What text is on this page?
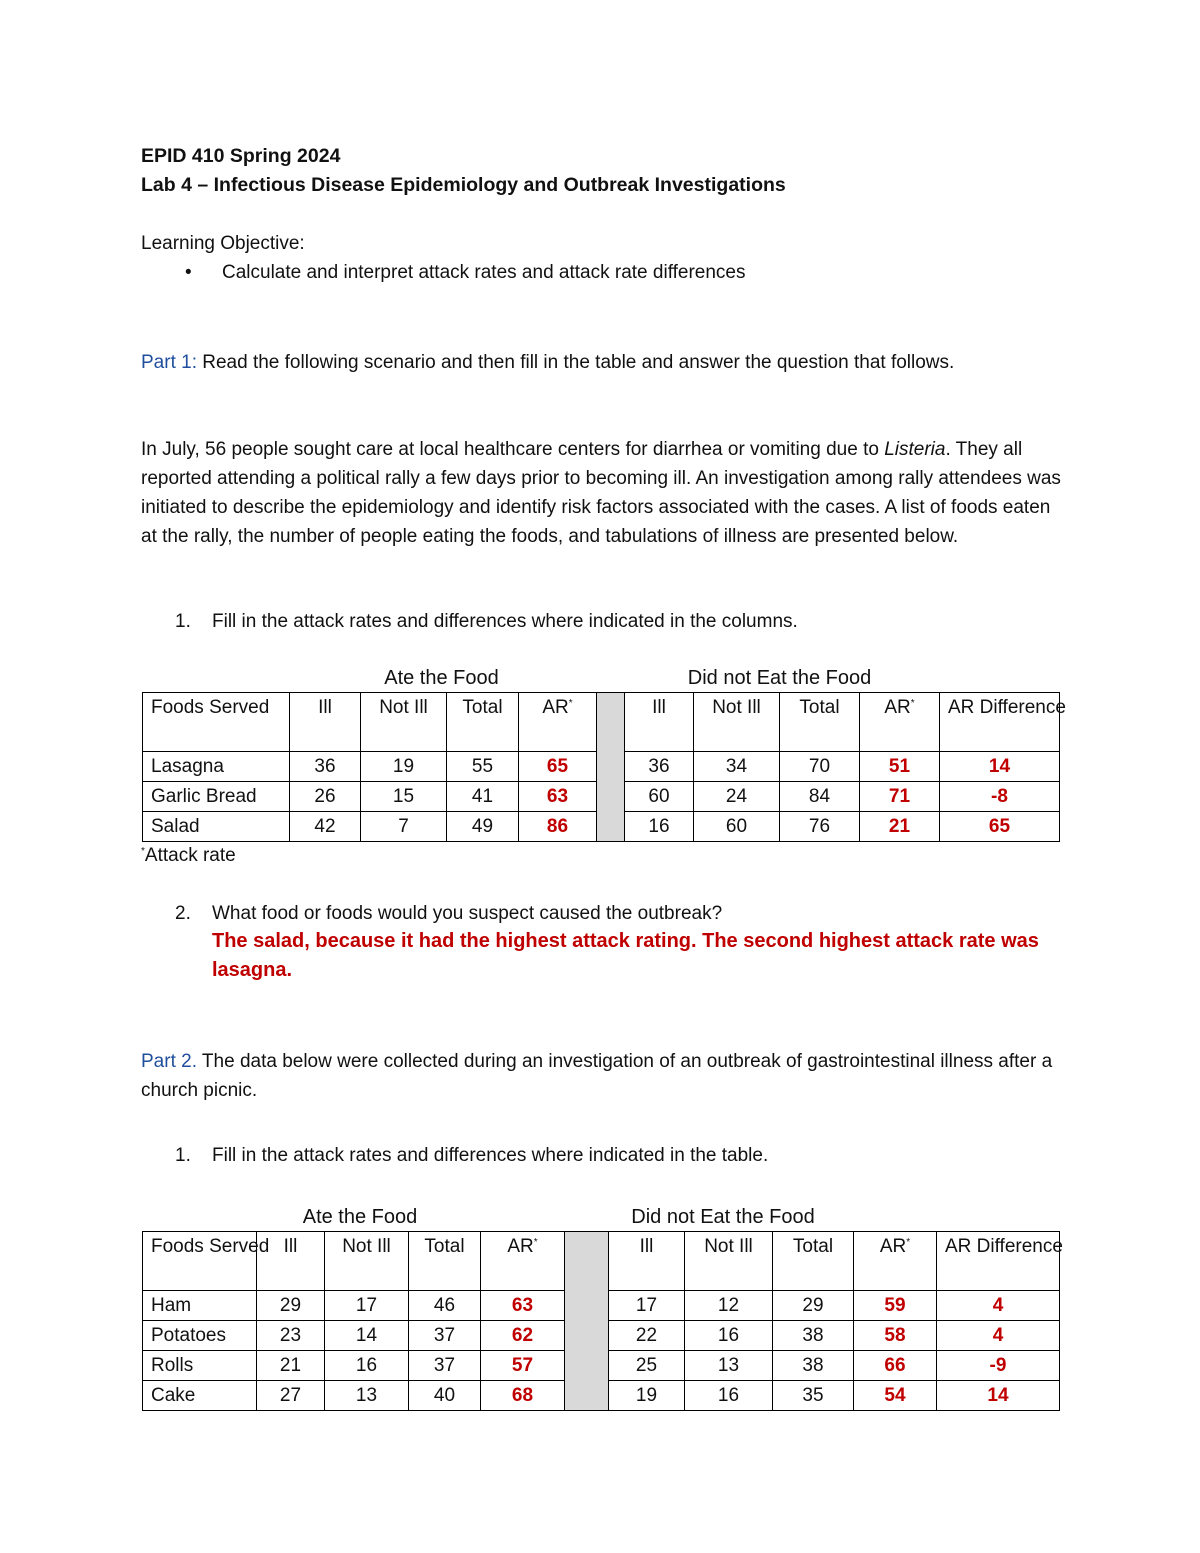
EPID 410 Spring 2024
Lab 4 – Infectious Disease Epidemiology and Outbreak Investigations
Learning Objective:
• Calculate and interpret attack rates and attack rate differences
Part 1: Read the following scenario and then fill in the table and answer the question that follows.
In July, 56 people sought care at local healthcare centers for diarrhea or vomiting due to Listeria. They all reported attending a political rally a few days prior to becoming ill. An investigation among rally attendees was initiated to describe the epidemiology and identify risk factors associated with the cases. A list of foods eaten at the rally, the number of people eating the foods, and tabulations of illness are presented below.
1. Fill in the attack rates and differences where indicated in the columns.
Ate the Food	Did not Eat the Food
Foods Served	Ill	Not Ill	Total	AR*		Ill	Not Ill	Total	AR*	AR Difference
Lasagna	36	19	55	65		36	34	70	51	14
Garlic Bread	26	15	41	63		60	24	84	71	-8
Salad	42	7	49	86		16	60	76	21	65
*Attack rate
2. What food or foods would you suspect caused the outbreak?
The salad, because it had the highest attack rating. The second highest attack rate was lasagna.
Part 2. The data below were collected during an investigation of an outbreak of gastrointestinal illness after a church picnic.
1. Fill in the attack rates and differences where indicated in the table.
Ate the Food	Did not Eat the Food
Foods Served	Ill	Not Ill	Total	AR*		Ill	Not Ill	Total	AR*	AR Difference
Ham	29	17	46	63		17	12	29	59	4
Potatoes	23	14	37	62		22	16	38	58	4
Rolls	21	16	37	57		25	13	38	66	-9
Cake	27	13	40	68		19	16	35	54	14
